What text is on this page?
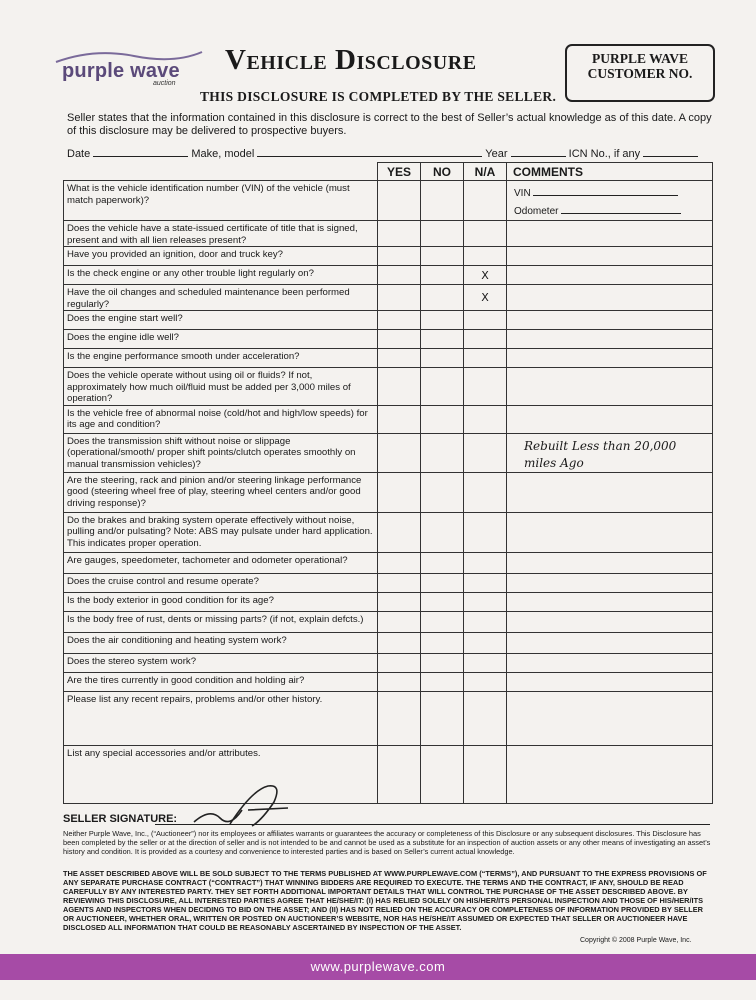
purple wave
auction
Vehicle Disclosure
THIS DISCLOSURE IS COMPLETED BY THE SELLER.
PURPLE WAVE
CUSTOMER NO.
Seller states that the information contained in this disclosure is correct to the best of Seller’s actual knowledge as of this date. A copy of this disclosure may be delivered to prospective buyers.
Date	Make, model	Year	ICN No., if any
	YES	NO	N/A	COMMENTS
What is the vehicle identification number (VIN) of the vehicle (must match paperwork)?				VIN
Odometer

Does the vehicle have a state-issued certificate of title that is signed, present and with all lien releases present?				
Have you provided an ignition, door and truck key?				
Is the check engine or any other trouble light regularly on?			X	
Have the oil changes and scheduled maintenance been performed regularly?			X	
Does the engine start well?				
Does the engine idle well?				
Is the engine performance smooth under acceleration?				
Does the vehicle operate without using oil or fluids? If not, approximately how much oil/fluid must be added per 3,000 miles of operation?				
Is the vehicle free of abnormal noise (cold/hot and high/low speeds) for its age and condition?				
Does the transmission shift without noise or slippage (operational/smooth/ proper shift points/clutch operates smoothly on manual transmission vehicles)?				Rebuilt Less than 20,000 miles Ago

Are the steering, rack and pinion and/or steering linkage performance good (steering wheel free of play, steering wheel centers and/or good driving response)?				
Do the brakes and braking system operate effectively without noise, pulling and/or pulsating? Note: ABS may pulsate under hard application. This indicates proper operation.				
Are gauges, speedometer, tachometer and odometer operational?				
Does the cruise control and resume operate?				
Is the body exterior in good condition for its age?				
Is the body free of rust, dents or missing parts? (if not, explain defcts.)				
Does the air conditioning and heating system work?				
Does the stereo system work?				
Are the tires currently in good condition and holding air?				
Please list any recent repairs, problems and/or other history.				
List any special accessories and/or attributes.				
SELLER SIGNATURE:
Neither Purple Wave, Inc., (“Auctioneer”) nor its employees or affiliates warrants or guarantees the accuracy or completeness of this Disclosure or any subsequent disclosures. This Disclosure has been completed by the seller or at the direction of seller and is not intended to be and cannot be used as a substitute for an inspection of auction assets or any other means of investigating an asset’s history and condition. It is provided as a courtesy and convenience to interested parties and is based on Seller’s current actual knowledge.
THE ASSET DESCRIBED ABOVE WILL BE SOLD SUBJECT TO THE TERMS PUBLISHED AT WWW.PURPLEWAVE.COM (“TERMS”), AND PURSUANT TO THE EXPRESS PROVISIONS OF ANY SEPARATE PURCHASE CONTRACT (“CONTRACT”) THAT WINNING BIDDERS ARE REQUIRED TO EXECUTE. THE TERMS AND THE CONTRACT, IF ANY, SHOULD BE READ CAREFULLY BY ANY INTERESTED PARTY. THEY SET FORTH ADDITIONAL IMPORTANT DETAILS THAT WILL CONTROL THE PURCHASE OF THE ASSET DESCRIBED ABOVE. BY REVIEWING THIS DISCLOSURE, ALL INTERESTED PARTIES AGREE THAT HE/SHE/IT: (I) HAS RELIED SOLELY ON HIS/HER/ITS PERSONAL INSPECTION AND THOSE OF HIS/HER/ITS AGENTS AND INSPECTORS WHEN DECIDING TO BID ON THE ASSET; AND (II) HAS NOT RELIED ON THE ACCURACY OR COMPLETENESS OF INFORMATION PROVIDED BY SELLER OR AUCTIONEER, WHETHER ORAL, WRITTEN OR POSTED ON AUCTIONEER’S WEBSITE, NOR HAS HE/SHE/IT ASSUMED OR EXPECTED THAT SELLER OR AUCTIONEER HAVE DISCLOSED ALL INFORMATION THAT COULD BE REASONABLY ASCERTAINED BY INSPECTION OF THE ASSET.
Copyright © 2008 Purple Wave, Inc.
www.purplewave.com
